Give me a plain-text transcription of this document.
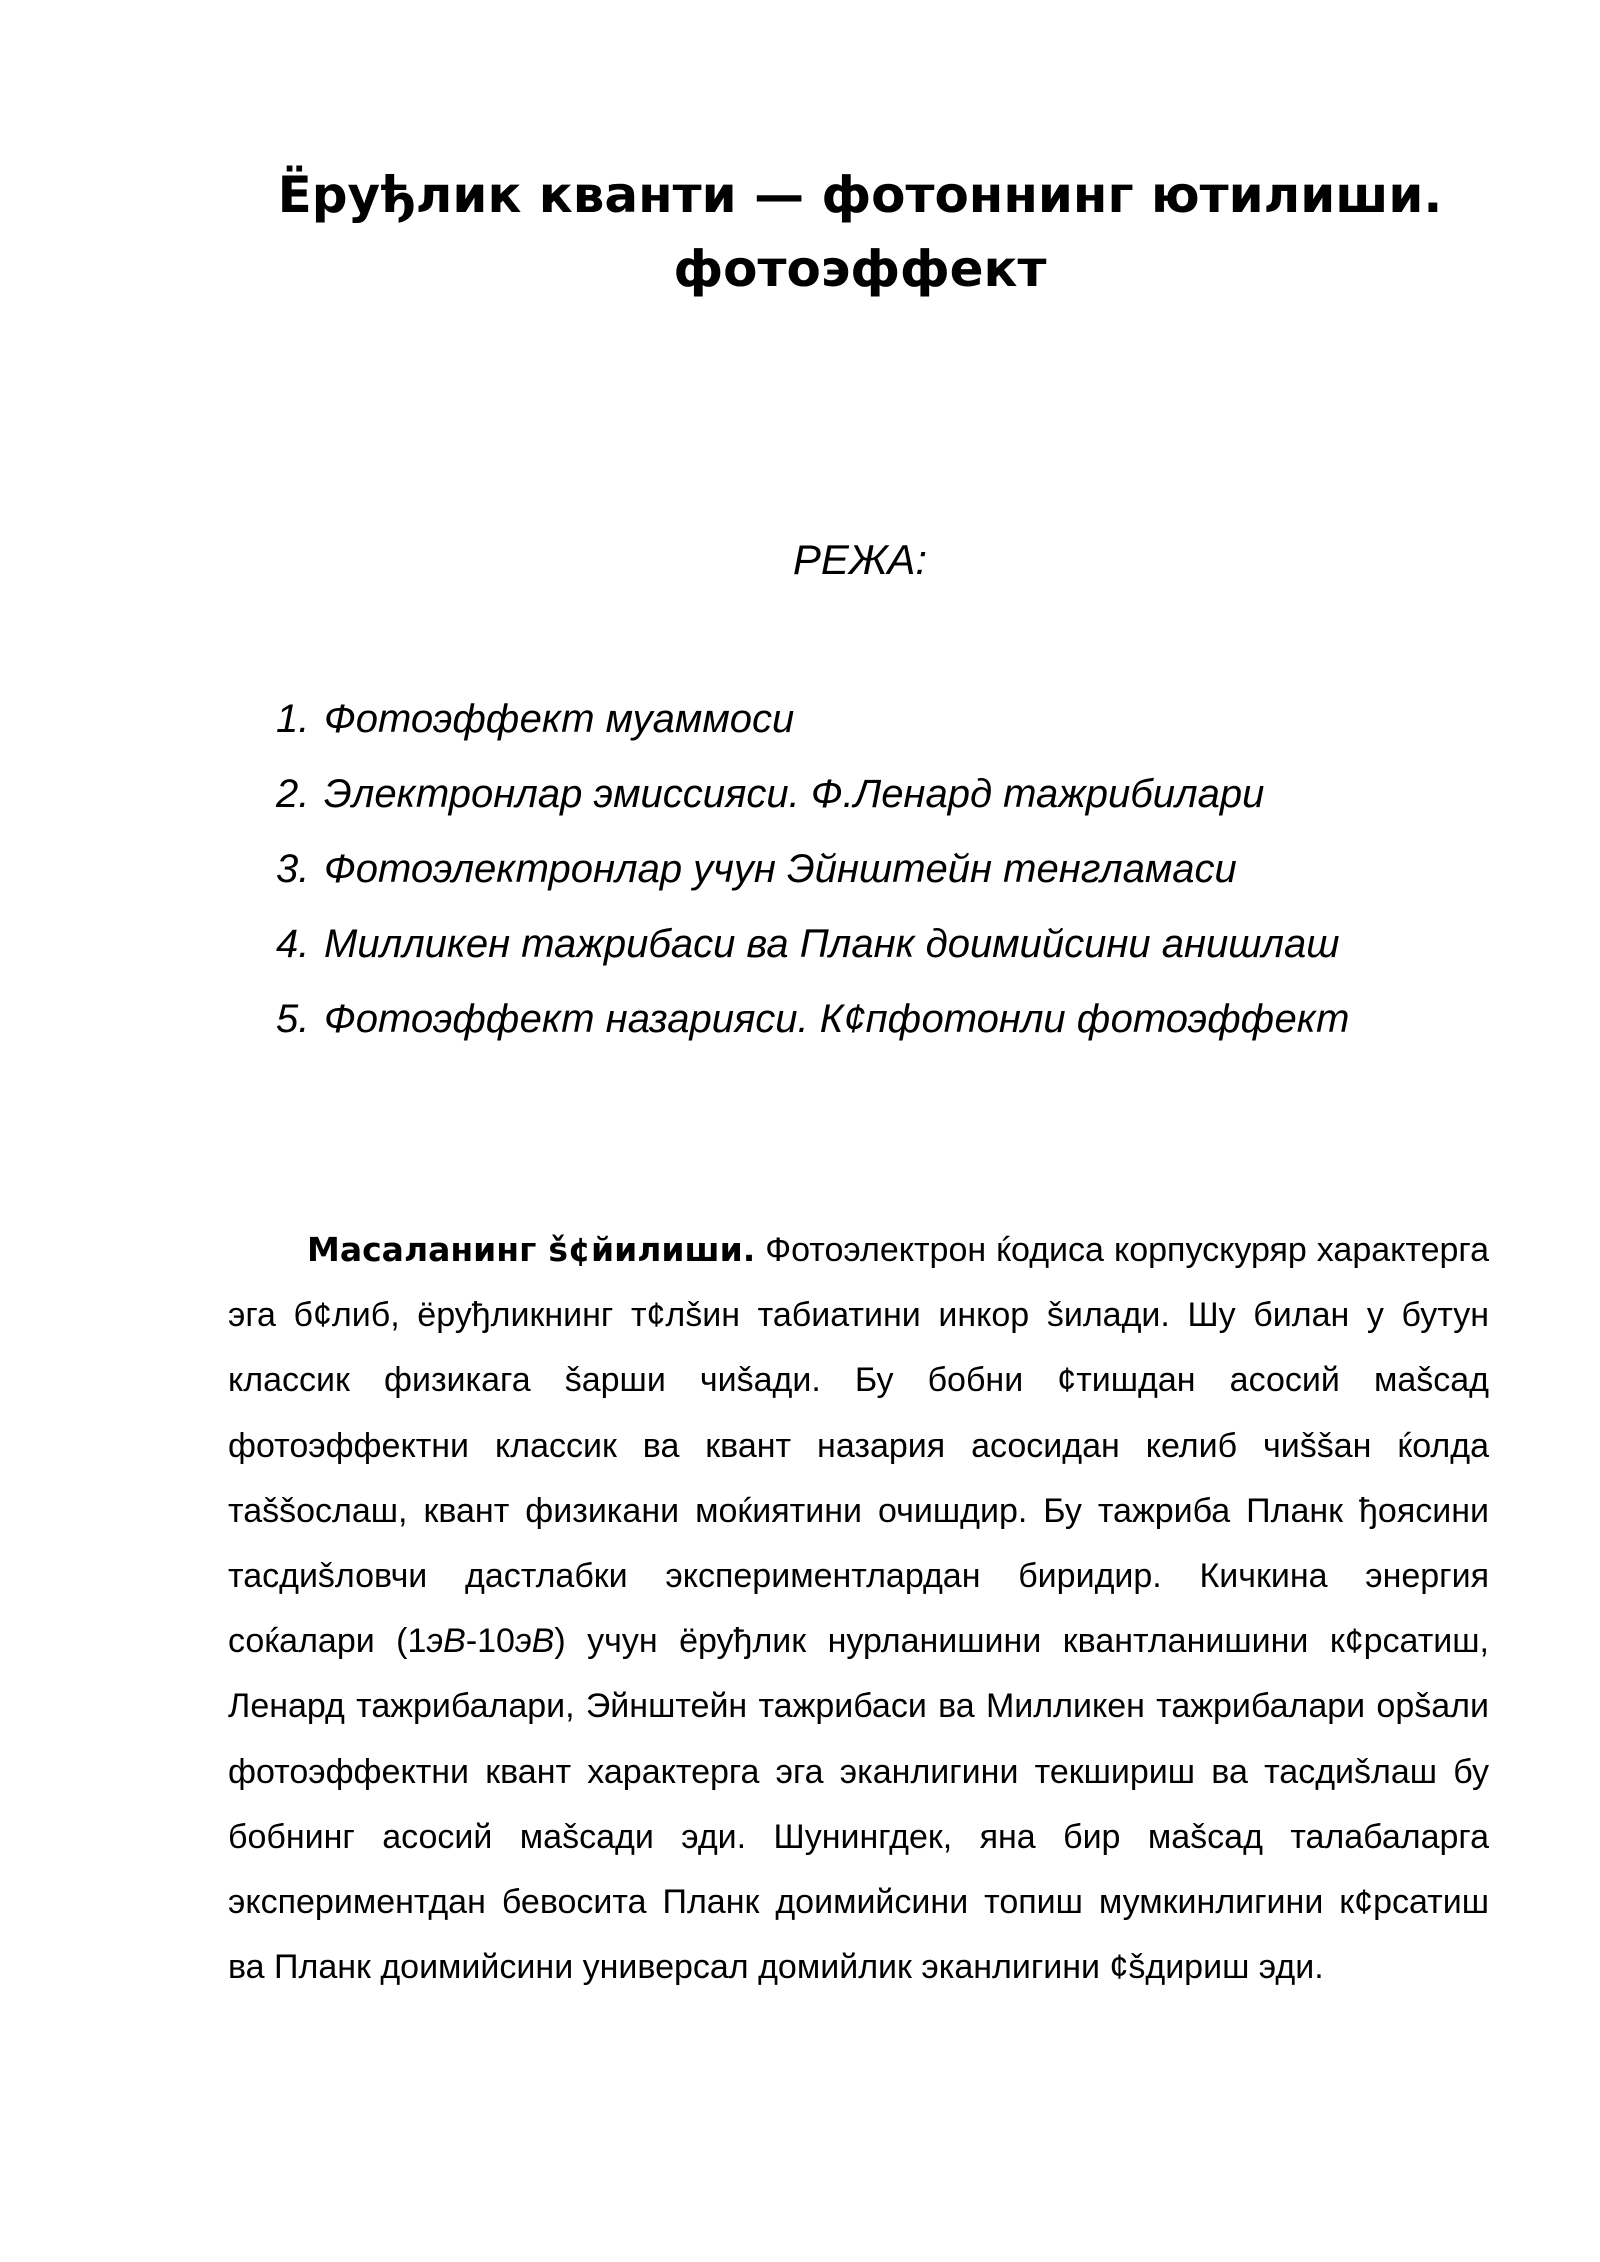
Ёруђлик кванти — фотоннинг ютилиши.
фотоэффект
РЕЖА:
1. Фотоэффект муаммоси
2. Электронлар эмиссияси. Ф.Ленард тажрибилари
3. Фотоэлектронлар учун Эйнштейн тенгламаси
4. Милликен тажрибаси ва Планк доимийсини анишлаш
5. Фотоэффект назарияси. К¢пфотонли фотоэффект

Масаланинг š¢йилиши. Фотоэлектрон ќодиса корпускуряр характерга эга б¢либ, ёруђликнинг т¢лšин табиатини инкор šилади. Шу билан у бутун классик физикага šарши чиšади. Бу бобни ¢тишдан асосий маšсад фотоэффектни классик ва квант назария асосидан келиб чиššан ќолда таššослаш, квант физикани моќиятини очишдир. Бу тажриба Планк ђоясини тасдиšловчи дастлабки экспериментлардан биридир. Кичкина энергия соќалари (1эВ-10эВ) учун ёруђлик нурланишини квантланишини к¢рсатиш, Ленард тажрибалари, Эйнштейн тажрибаси ва Милликен тажрибалари орšали фотоэффектни квант характерга эга эканлигини текшириш ва тасдиšлаш бу бобнинг асосий маšсади эди. Шунингдек, яна бир маšсад талабаларга экспериментдан бевосита Планк доимийсини топиш мумкинлигини к¢рсатиш ва Планк доимийсини универсал домийлик эканлигини ¢šдириш эди.
